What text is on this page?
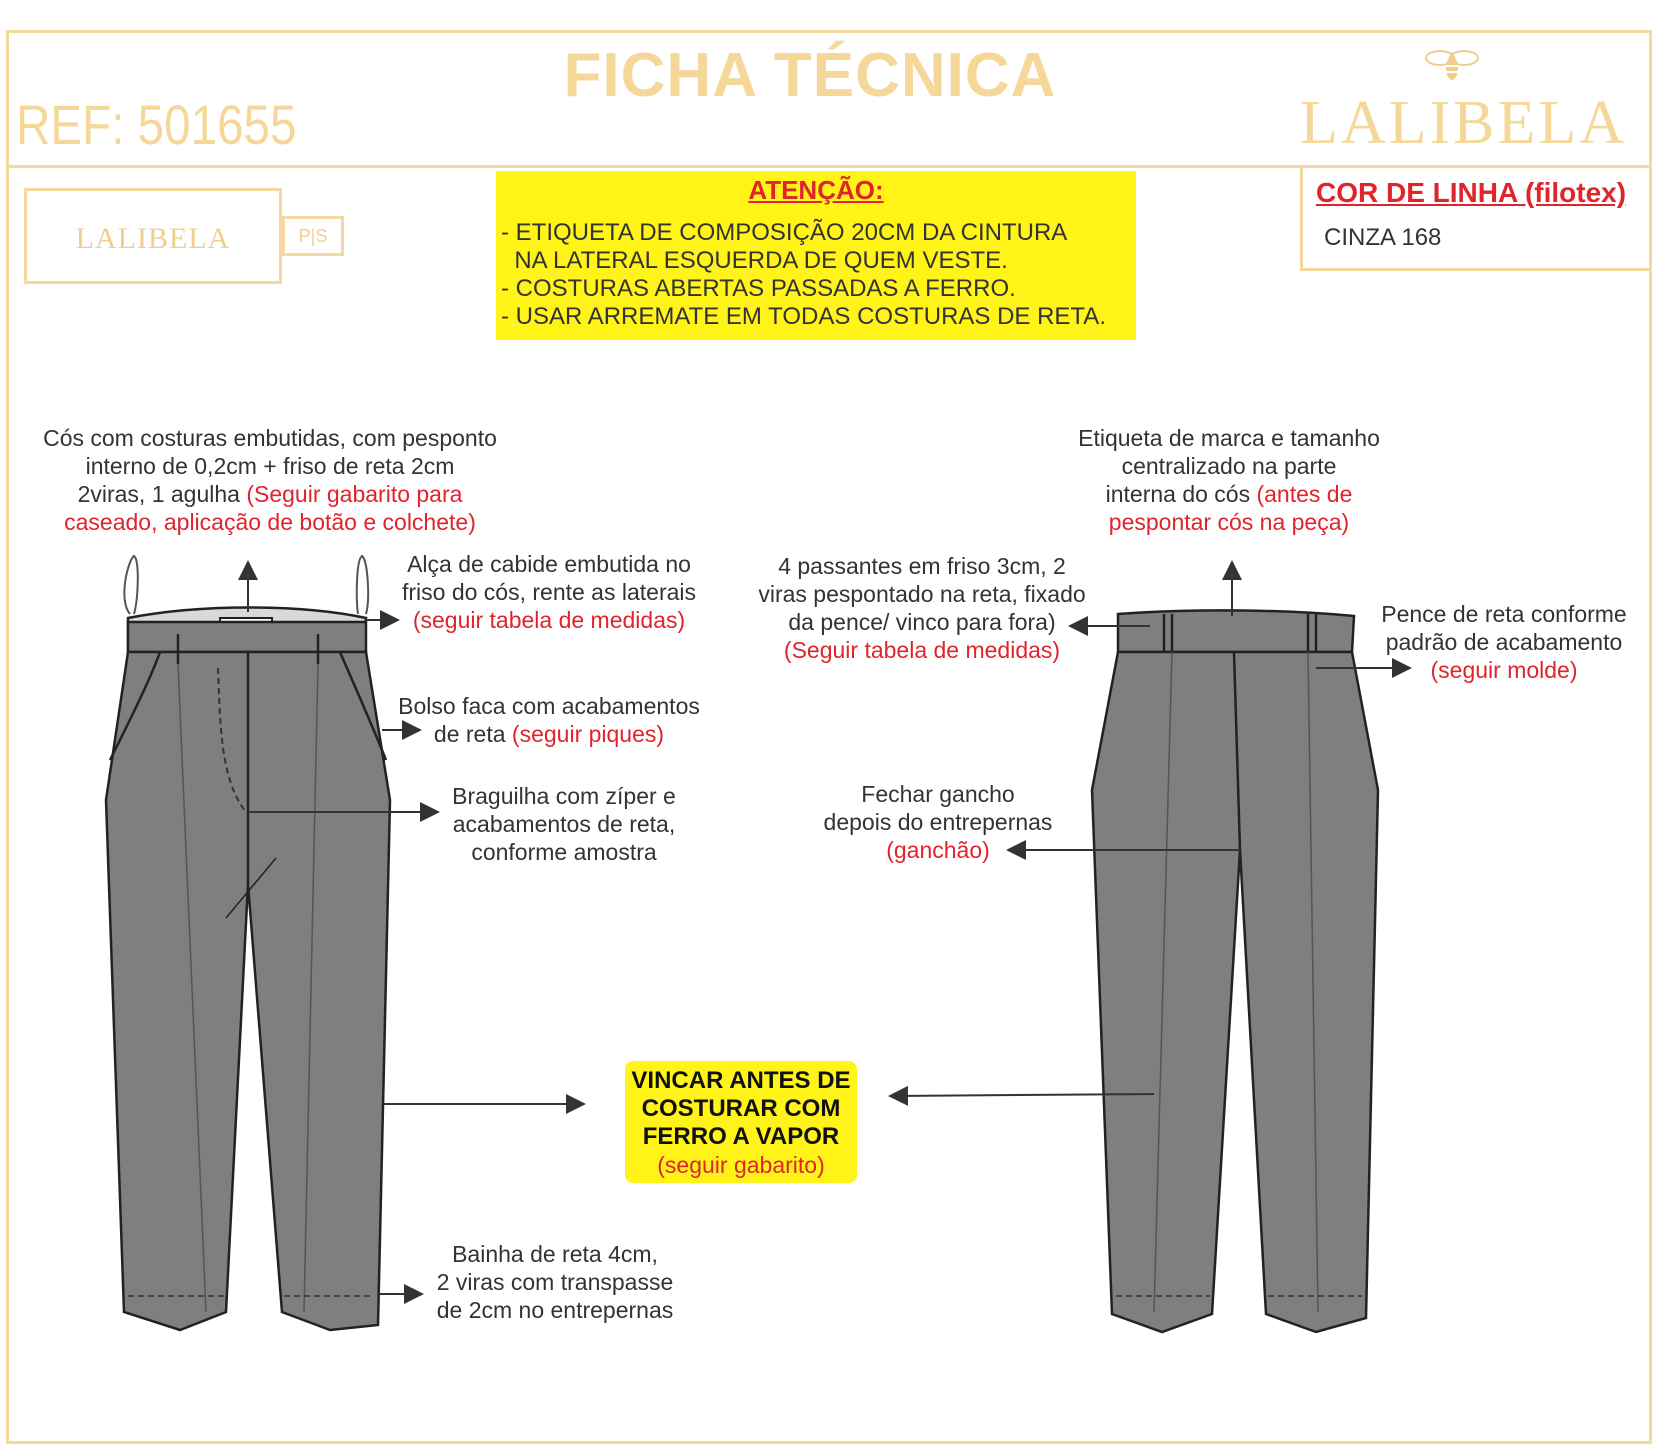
FICHA TÉCNICA
REF: 501655	LALIBELA
LALIBELA	P|S
ATENÇÃO:
- ETIQUETA DE COMPOSIÇÃO 20CM DA CINTURA
NA LATERAL ESQUERDA DE QUEM VESTE.
- COSTURAS ABERTAS PASSADAS A FERRO.
- USAR ARREMATE EM TODAS COSTURAS DE RETA.
COR DE LINHA (filotex)
CINZA 168
Cós com costuras embutidas, com pesponto
interno de 0,2cm + friso de reta 2cm
2viras, 1 agulha (Seguir gabarito para
caseado, aplicação de botão e colchete)
Alça de cabide embutida no
friso do cós, rente as laterais
(seguir tabela de medidas)
Bolso faca com acabamentos
de reta (seguir piques)
Braguilha com zíper e
acabamentos de reta,
conforme amostra
Bainha de reta 4cm,
2 viras com transpasse
de 2cm no entrepernas
Etiqueta de marca e tamanho
centralizado na parte
interna do cós (antes de
pespontar cós na peça)
4 passantes em friso 3cm, 2
viras pespontado na reta, fixado
da pence/ vinco para fora)
(Seguir tabela de medidas)
Pence de reta conforme
padrão de acabamento
(seguir molde)
Fechar gancho
depois do entrepernas
(ganchão)
VINCAR ANTES DE
COSTURAR COM
FERRO A VAPOR
(seguir gabarito)
